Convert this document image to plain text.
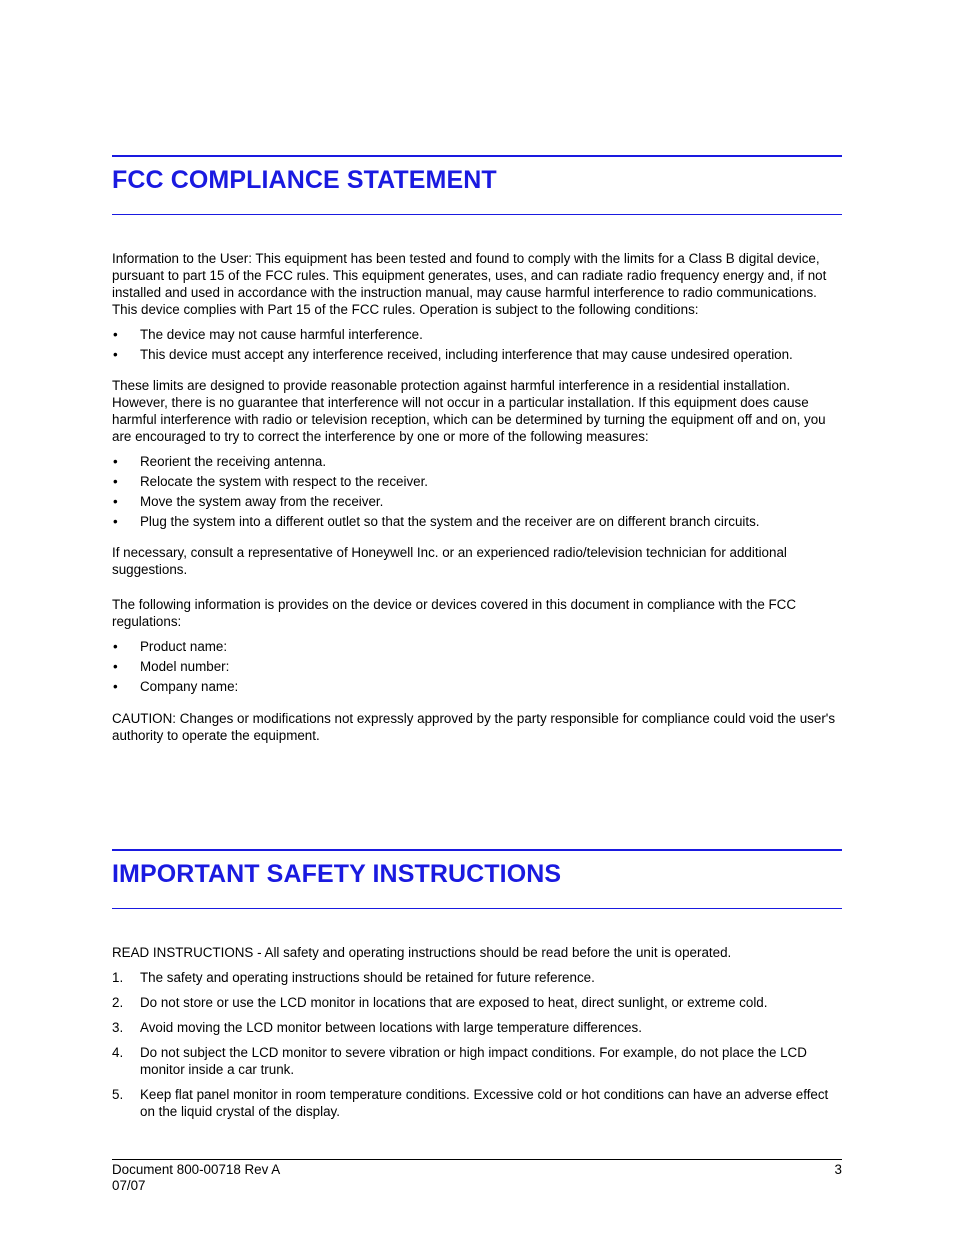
FCC COMPLIANCE STATEMENT

Information to the User: This equipment has been tested and found to comply with the limits for a Class B digital device, pursuant to part 15 of the FCC rules. This equipment generates, uses, and can radiate radio frequency energy and, if not installed and used in accordance with the instruction manual, may cause harmful interference to radio communications. This device complies with Part 15 of the FCC rules. Operation is subject to the following conditions:

• The device may not cause harmful interference.
• This device must accept any interference received, including interference that may cause undesired operation.

These limits are designed to provide reasonable protection against harmful interference in a residential installation. However, there is no guarantee that interference will not occur in a particular installation. If this equipment does cause harmful interference with radio or television reception, which can be determined by turning the equipment off and on, you are encouraged to try to correct the interference by one or more of the following measures:

• Reorient the receiving antenna.
• Relocate the system with respect to the receiver.
• Move the system away from the receiver.
• Plug the system into a different outlet so that the system and the receiver are on different branch circuits.

If necessary, consult a representative of Honeywell Inc. or an experienced radio/television technician for additional suggestions.

The following information is provides on the device or devices covered in this document in compliance with the FCC regulations:

• Product name:
• Model number:
• Company name:

CAUTION: Changes or modifications not expressly approved by the party responsible for compliance could void the user's authority to operate the equipment.

IMPORTANT SAFETY INSTRUCTIONS

READ INSTRUCTIONS - All safety and operating instructions should be read before the unit is operated.

1. The safety and operating instructions should be retained for future reference.
2. Do not store or use the LCD monitor in locations that are exposed to heat, direct sunlight, or extreme cold.
3. Avoid moving the LCD monitor between locations with large temperature differences.
4. Do not subject the LCD monitor to severe vibration or high impact conditions. For example, do not place the LCD monitor inside a car trunk.
5. Keep flat panel monitor in room temperature conditions. Excessive cold or hot conditions can have an adverse effect on the liquid crystal of the display.
Document 800-00718 Rev A
07/07
3
